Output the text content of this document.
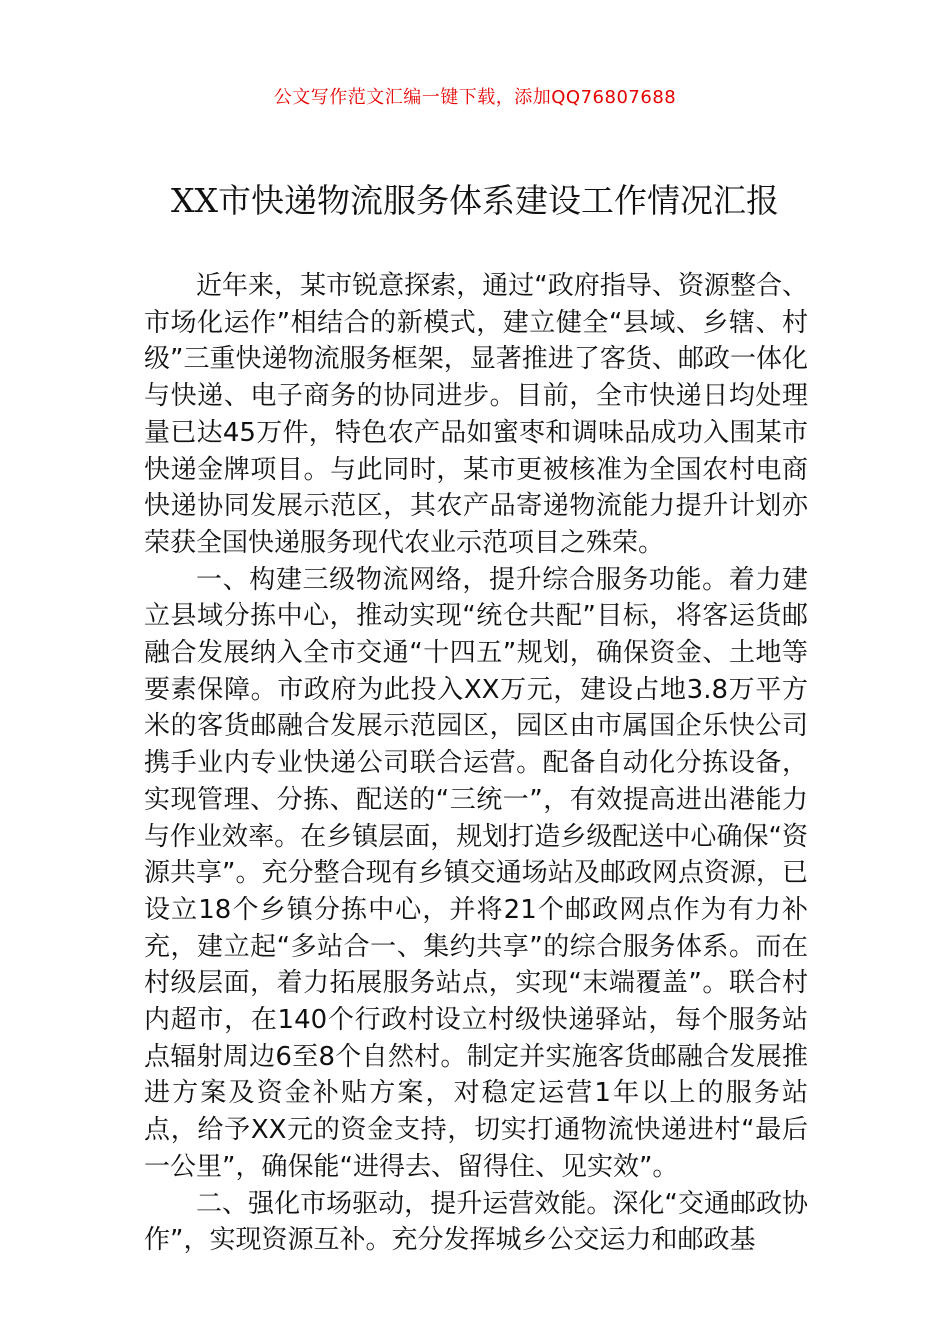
公文写作范文汇编一键下载，添加QQ76807688
XX市快递物流服务体系建设工作情况汇报

近年来，某市锐意探索，通过“政府指导、资源整合、市场化运作”相结合的新模式，建立健全“县域、乡辖、村级”三重快递物流服务框架，显著推进了客货、邮政一体化与快递、电子商务的协同进步。目前，全市快递日均处理量已达45万件，特色农产品如蜜枣和调味品成功入围某市快递金牌项目。与此同时，某市更被核准为全国农村电商快递协同发展示范区，其农产品寄递物流能力提升计划亦荣获全国快递服务现代农业示范项目之殊荣。

一、构建三级物流网络，提升综合服务功能。着力建立县域分拣中心，推动实现“统仓共配”目标，将客运货邮融合发展纳入全市交通“十四五”规划，确保资金、土地等要素保障。市政府为此投入XX万元，建设占地3.8万平方米的客货邮融合发展示范园区，园区由市属国企乐快公司携手业内专业快递公司联合运营。配备自动化分拣设备，实现管理、分拣、配送的“三统一”，有效提高进出港能力与作业效率。在乡镇层面，规划打造乡级配送中心确保“资源共享”。充分整合现有乡镇交通场站及邮政网点资源，已设立18个乡镇分拣中心，并将21个邮政网点作为有力补充，建立起“多站合一、集约共享”的综合服务体系。而在村级层面，着力拓展服务站点，实现“末端覆盖”。联合村内超市，在140个行政村设立村级快递驿站，每个服务站点辐射周边6至8个自然村。制定并实施客货邮融合发展推进方案及资金补贴方案，对稳定运营1年以上的服务站点，给予XX元的资金支持，切实打通物流快递进村“最后一公里”，确保能“进得去、留得住、见实效”。

二、强化市场驱动，提升运营效能。深化“交通邮政协作”，实现资源互补。充分发挥城乡公交运力和邮政基
